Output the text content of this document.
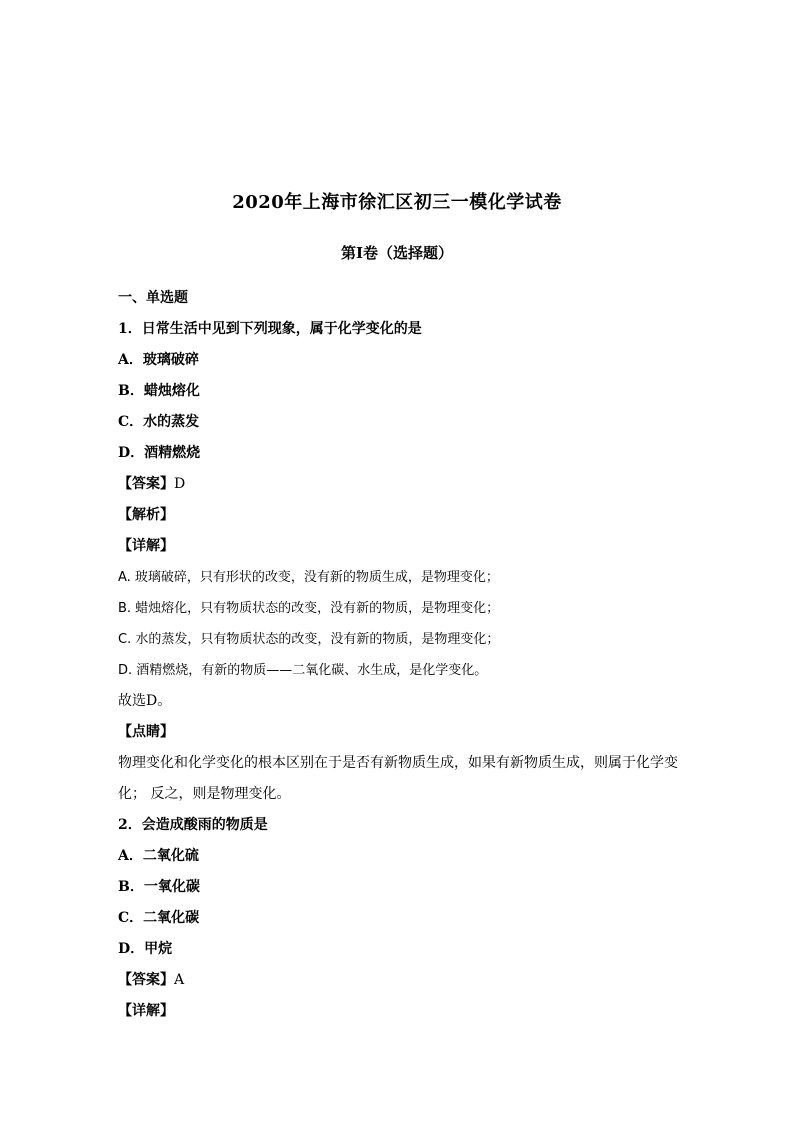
2020年上海市徐汇区初三一模化学试卷
第I卷（选择题）
一、单选题
1．日常生活中见到下列现象，属于化学变化的是
A．玻璃破碎
B．蜡烛熔化
C．水的蒸发
D．酒精燃烧
【答案】D
【解析】
【详解】
A. 玻璃破碎，只有形状的改变，没有新的物质生成，是物理变化；
B. 蜡烛熔化，只有物质状态的改变，没有新的物质，是物理变化；
C. 水的蒸发，只有物质状态的改变，没有新的物质，是物理变化；
D. 酒精燃烧，有新的物质——二氧化碳、水生成，是化学变化。
故选D。
【点睛】
物理变化和化学变化的根本区别在于是否有新物质生成，如果有新物质生成，则属于化学变化； 反之，则是物理变化。
2．会造成酸雨的物质是
A．二氧化硫
B．一氧化碳
C．二氧化碳
D．甲烷
【答案】A
【详解】
